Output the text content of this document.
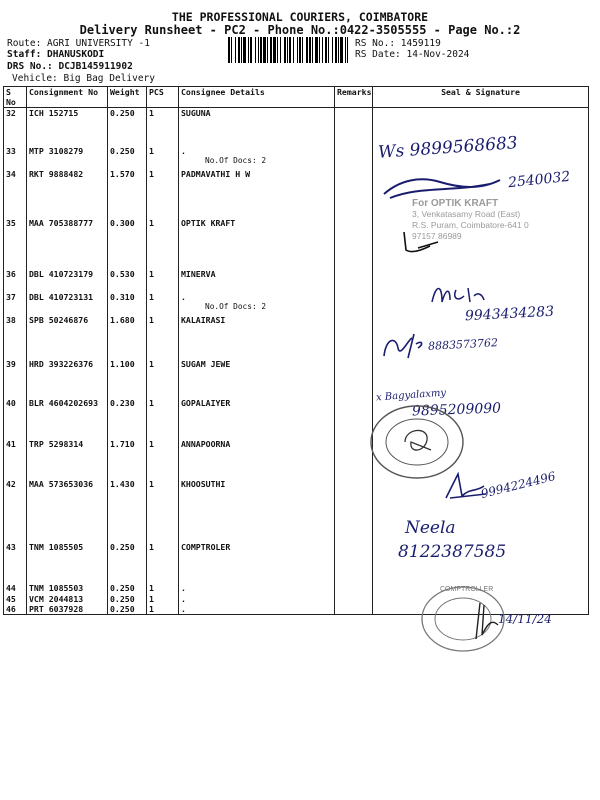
THE PROFESSIONAL COURIERS, COIMBATORE
Delivery Runsheet - PC2 - Phone No.:0422-3505555 - Page No.:2
Route: AGRI UNIVERSITY -1
Staff: DHANUSKODI
DRS No.: DCJB145911902
Vehicle: Big Bag Delivery
RS No.: 1459119
RS Date: 14-Nov-2024
S No	Consignment No	Weight	PCS	Consignee Details	Remarks	Seal & Signature
32	ICH 152715	0.250	1	SUGUNA		
33	MTP 3108279	0.250	1	.
No.Of Docs: 2		

34	RKT 9888482	1.570	1	PADMAVATHI H W		
35	MAA 705388777	0.300	1	OPTIK KRAFT		
36	DBL 410723179	0.530	1	MINERVA		
37	DBL 410723131	0.310	1	.
No.Of Docs: 2		

38	SPB 50246876	1.680	1	KALAIRASI		
39	HRD 393226376	1.100	1	SUGAM JEWE		
40	BLR 4604202693	0.230	1	GOPALAIYER		
41	TRP 5298314	1.710	1	ANNAPOORNA		
42	MAA 573653036	1.430	1	KHOOSUTHI		
43	TNM 1085505	0.250	1	COMPTROLER		
44	TNM 1085503	0.250	1	.		
45	VCM 2044813	0.250	1	.		
46	PRT 6037928	0.250	1	.		
Ws 9899568683
2540032
For OPTIK KRAFT
3, Venkatasamy Road (East)
R.S. Puram, Coimbatore-641 0
97157 86989
9943434283
8883573762
x Bagyalaxmy
9895209090
9994224496
Neela
8122387585
COMPTROLLER
14/11/24
